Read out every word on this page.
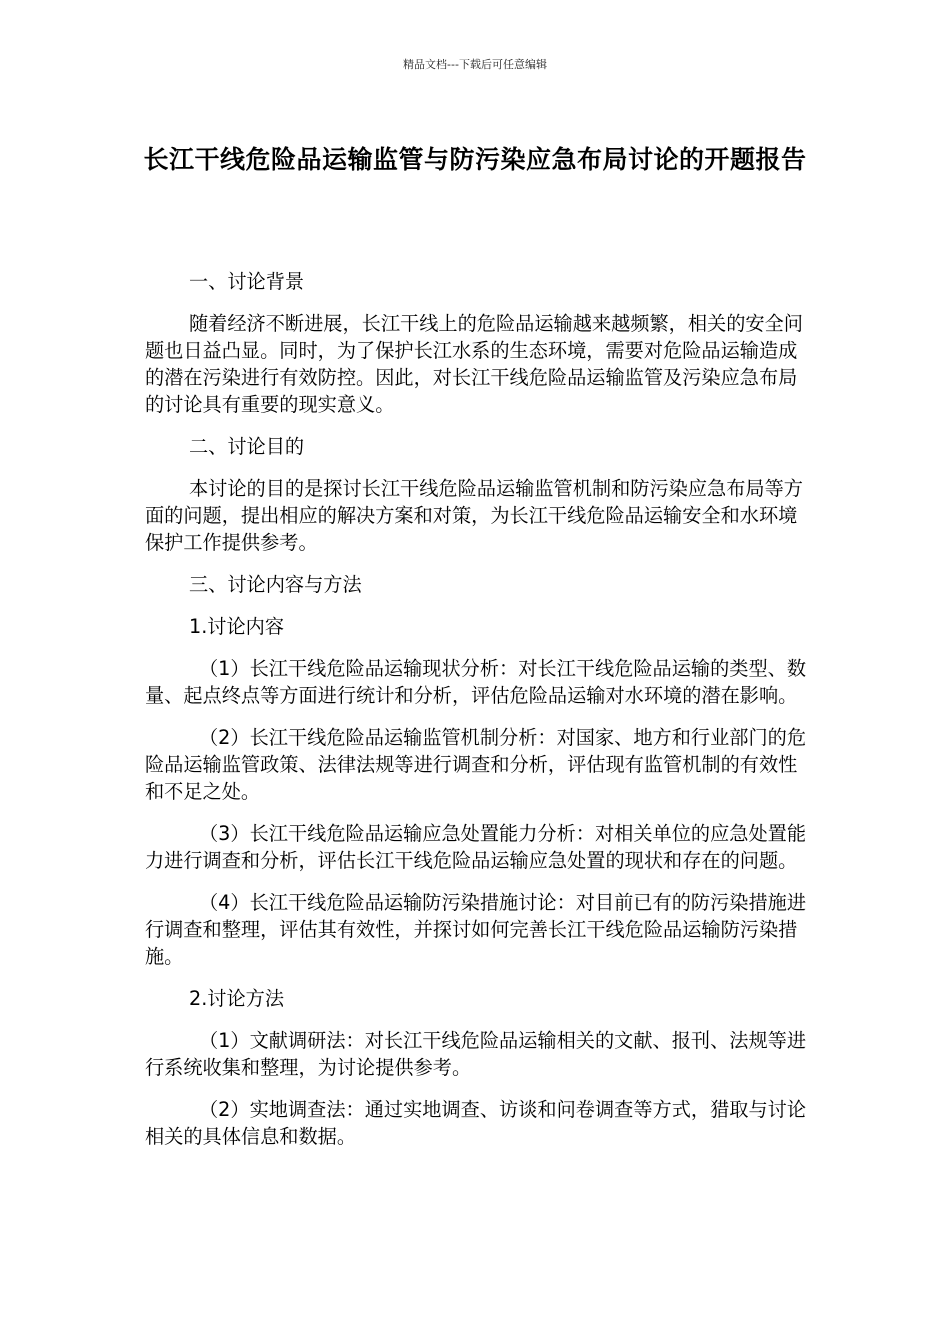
精品文档---下载后可任意编辑
长江干线危险品运输监管与防污染应急布局讨论的开题报告

一、讨论背景

随着经济不断进展，长江干线上的危险品运输越来越频繁，相关的安全问题也日益凸显。同时，为了保护长江水系的生态环境，需要对危险品运输造成的潜在污染进行有效防控。因此，对长江干线危险品运输监管及污染应急布局的讨论具有重要的现实意义。

二、讨论目的

本讨论的目的是探讨长江干线危险品运输监管机制和防污染应急布局等方面的问题，提出相应的解决方案和对策，为长江干线危险品运输安全和水环境保护工作提供参考。

三、讨论内容与方法

1.讨论内容

（1）长江干线危险品运输现状分析：对长江干线危险品运输的类型、数量、起点终点等方面进行统计和分析，评估危险品运输对水环境的潜在影响。

（2）长江干线危险品运输监管机制分析：对国家、地方和行业部门的危险品运输监管政策、法律法规等进行调查和分析，评估现有监管机制的有效性和不足之处。

（3）长江干线危险品运输应急处置能力分析：对相关单位的应急处置能力进行调查和分析，评估长江干线危险品运输应急处置的现状和存在的问题。

（4）长江干线危险品运输防污染措施讨论：对目前已有的防污染措施进行调查和整理，评估其有效性，并探讨如何完善长江干线危险品运输防污染措施。

2.讨论方法

（1）文献调研法：对长江干线危险品运输相关的文献、报刊、法规等进行系统收集和整理，为讨论提供参考。

（2）实地调查法：通过实地调查、访谈和问卷调查等方式，猎取与讨论相关的具体信息和数据。
